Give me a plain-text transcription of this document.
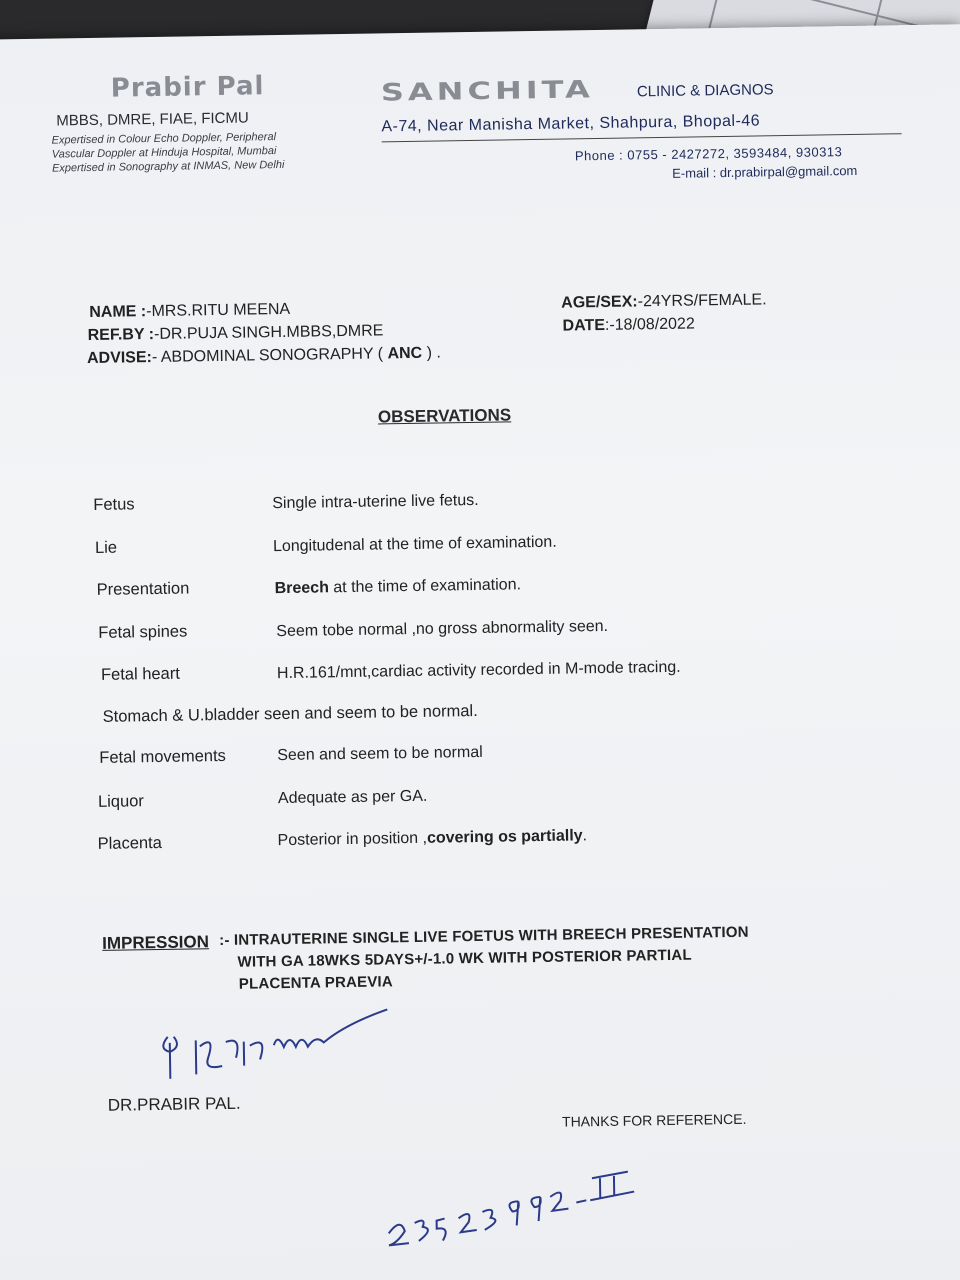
Prabir Pal
MBBS, DMRE, FIAE, FICMU
Expertised in Colour Echo Doppler, Peripheral
Vascular Doppler at Hinduja Hospital, Mumbai
Expertised in Sonography at INMAS, New Delhi
SANCHITA	CLINIC & DIAGNOS
A-74, Near Manisha Market, Shahpura, Bhopal-46
Phone : 0755 - 2427272, 3593484, 930313
E-mail : dr.prabirpal@gmail.com
NAME :-MRS.RITU MEENA
REF.BY :-DR.PUJA SINGH.MBBS,DMRE
ADVISE:- ABDOMINAL SONOGRAPHY ( ANC ) .
AGE/SEX:-24YRS/FEMALE.
DATE:-18/08/2022
OBSERVATIONS
Fetus	Single intra-uterine live fetus.
Lie	Longitudenal at the time of examination.
Presentation	Breech at the time of examination.
Fetal spines	Seem tobe normal ,no gross abnormality seen.
Fetal heart	H.R.161/mnt,cardiac activity recorded in M-mode tracing.
Stomach & U.bladder seen and seem to be normal.
Fetal movements	Seen and seem to be normal
Liquor	Adequate as per GA.
Placenta	Posterior in position ,covering os partially.
IMPRESSION :- INTRAUTERINE SINGLE LIVE FOETUS WITH BREECH PRESENTATION
WITH GA 18WKS 5DAYS+/-1.0 WK WITH POSTERIOR PARTIAL
PLACENTA PRAEVIA
18/07
DR.PRABIR PAL.
THANKS FOR REFERENCE.
